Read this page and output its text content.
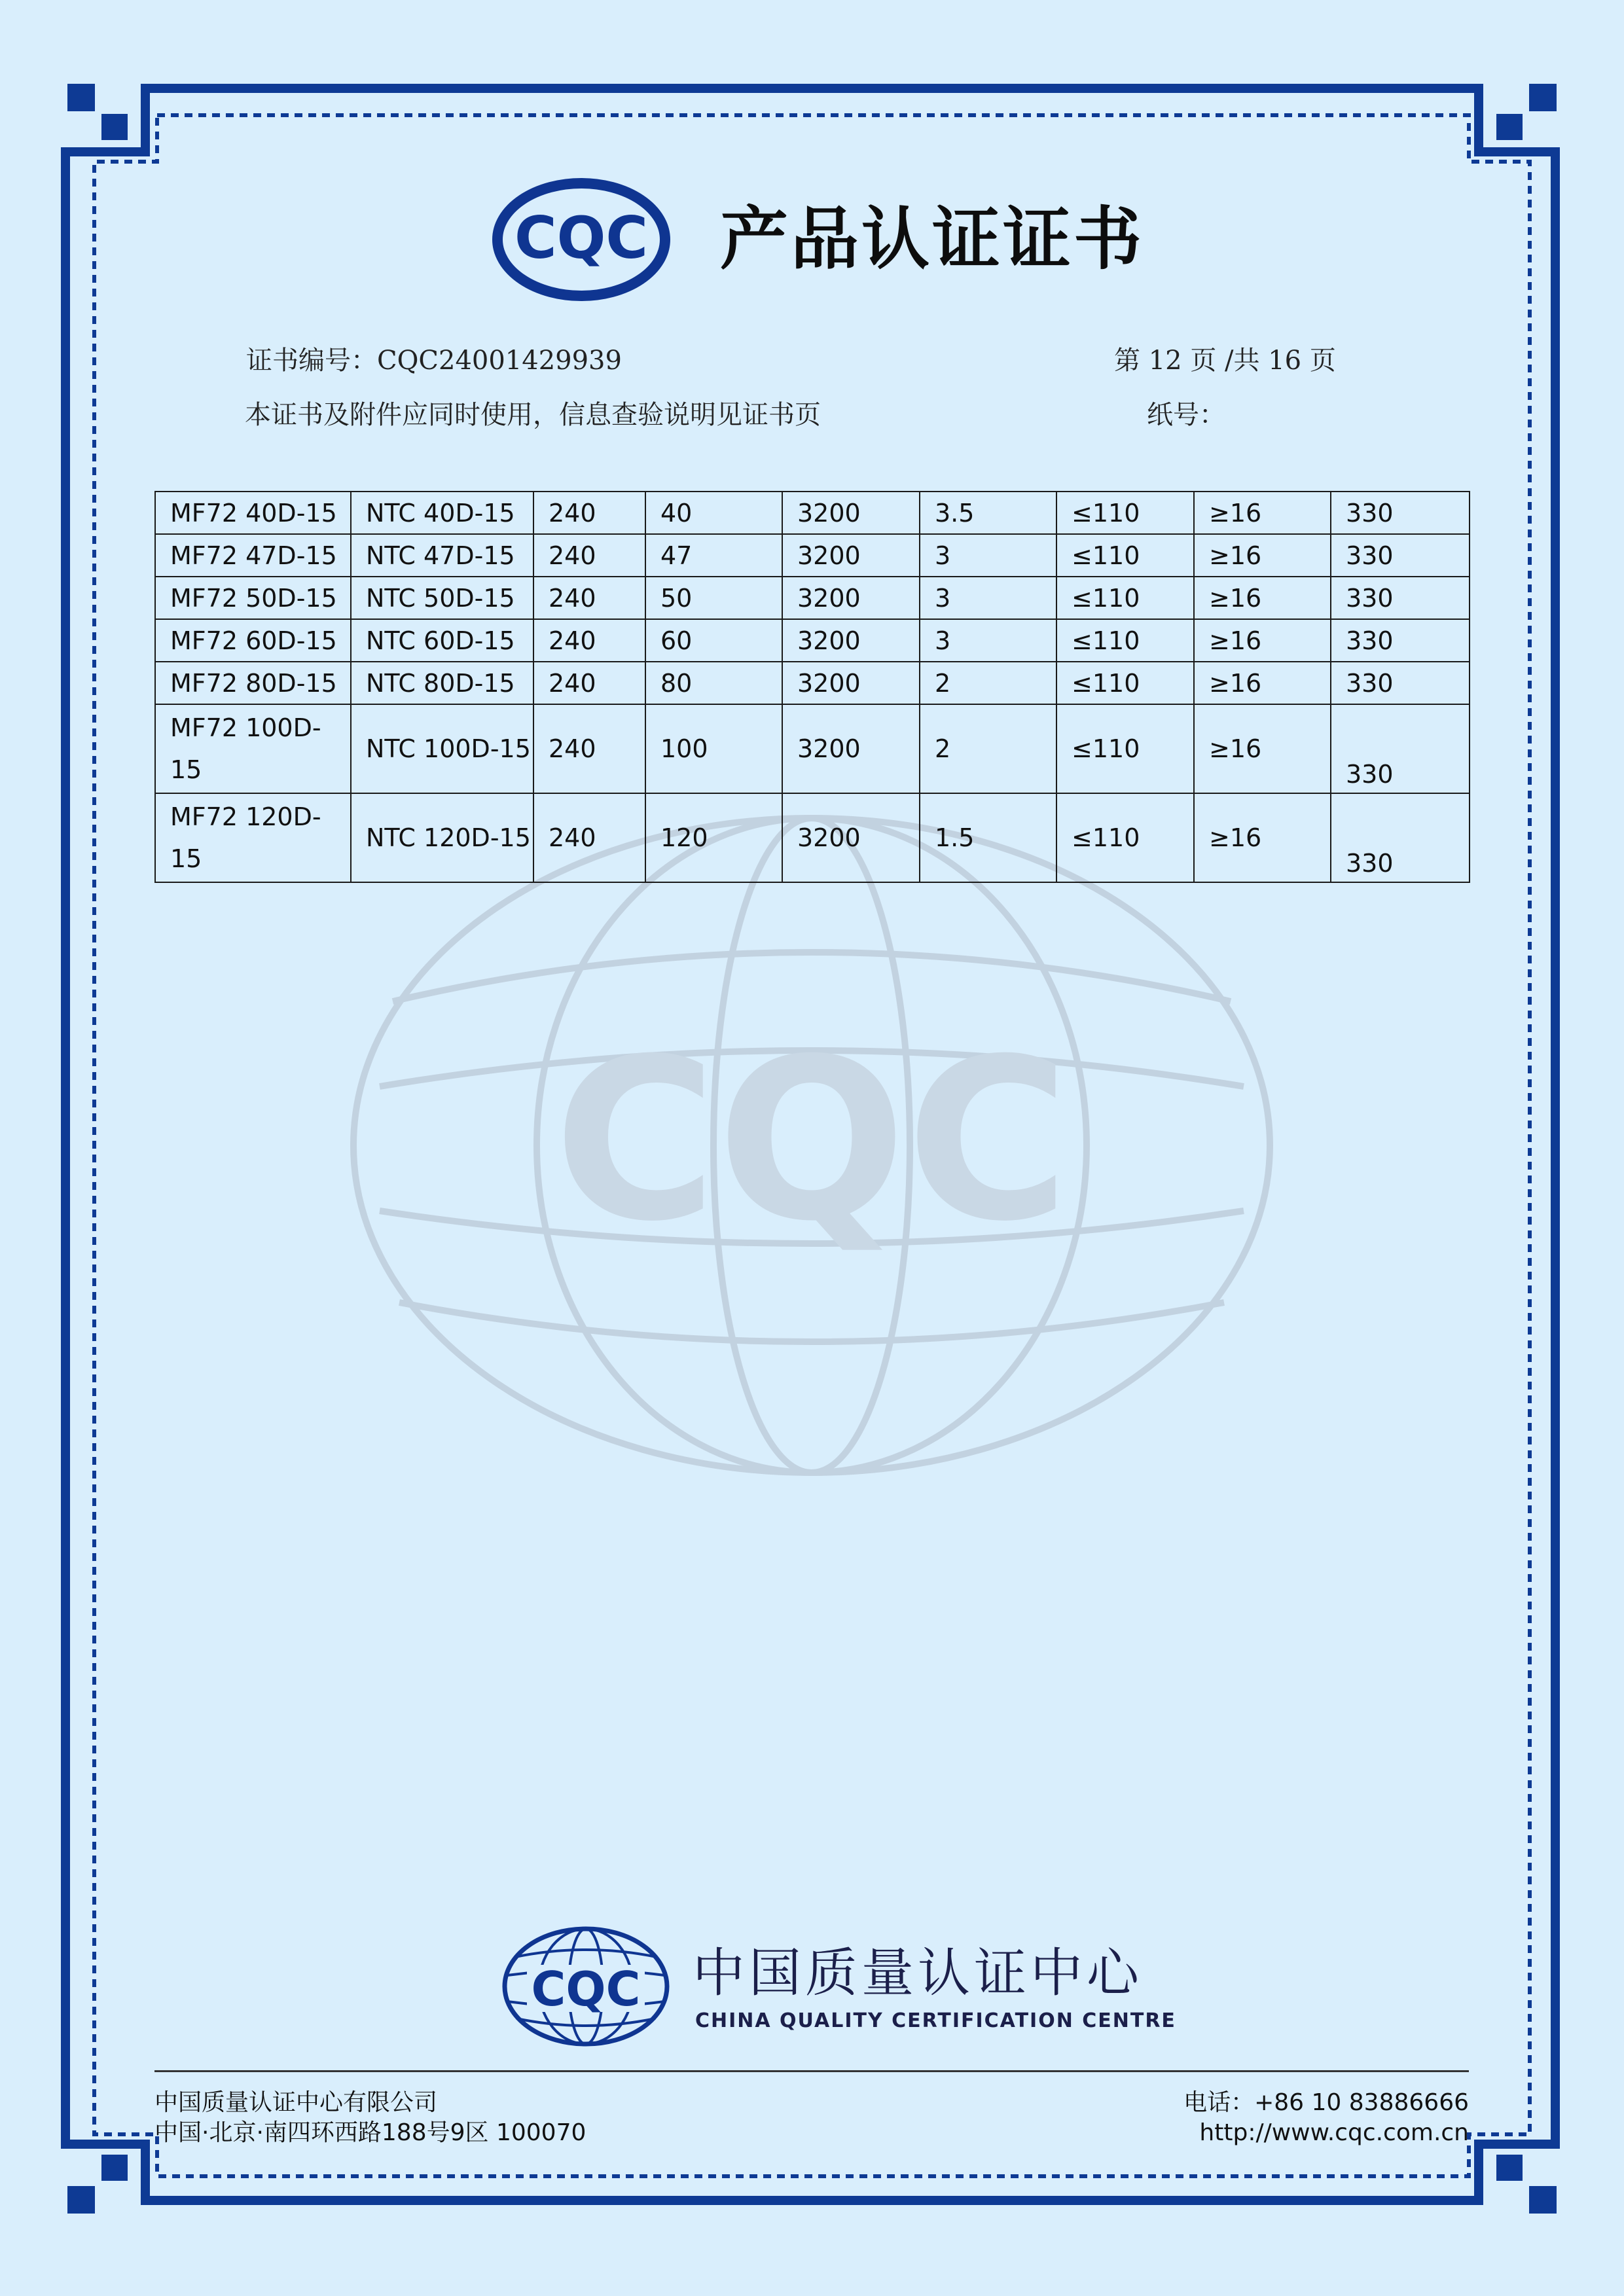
CQC 产品认证证书
证书编号：CQC24001429939	第 12 页 /共 16 页
本证书及附件应同时使用，信息查验说明见证书页	纸号：
CQC
MF72 40D-15	NTC 40D-15	240	40	3200	3.5	≤110	≥16	330
MF72 47D-15	NTC 47D-15	240	47	3200	3	≤110	≥16	330
MF72 50D-15	NTC 50D-15	240	50	3200	3	≤110	≥16	330
MF72 60D-15	NTC 60D-15	240	60	3200	3	≤110	≥16	330
MF72 80D-15	NTC 80D-15	240	80	3200	2	≤110	≥16	330
MF72 100D-15	NTC 100D-15	240	100	3200	2	≤110	≥16	330
MF72 120D-15	NTC 120D-15	240	120	3200	1.5	≤110	≥16	330
CQC 中国质量认证中心
CHINA QUALITY CERTIFICATION CENTRE
中国质量认证中心有限公司
中国·北京·南四环西路188号9区 100070
电话：+86 10 83886666
http://www.cqc.com.cn
